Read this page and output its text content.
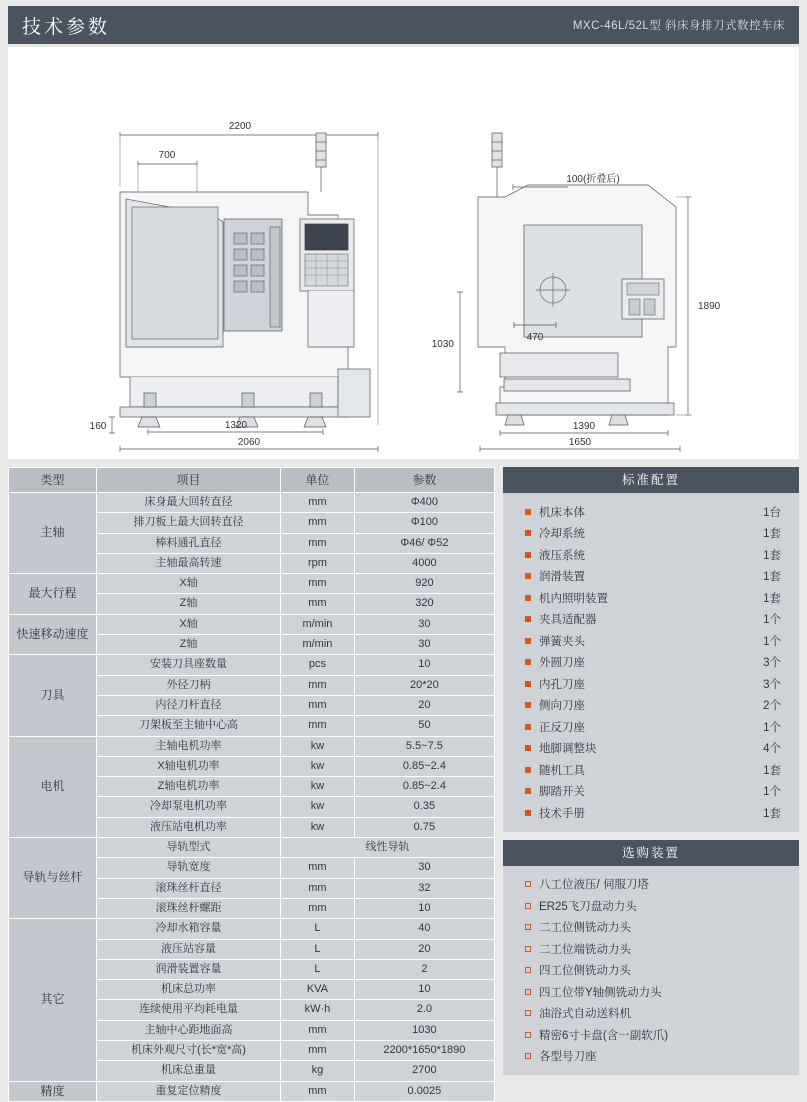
技术参数	MXC-46L/52L型 斜床身排刀式数控车床
2200
700
1320
2060
160
100(折叠后)
1890
1030
470
1390
1650
类型	项目	单位	参数
主轴	床身最大回转直径	mm	Φ400
	排刀板上最大回转直径	mm	Φ100
	棒料通孔直径	mm	Φ46/ Φ52
	主轴最高转速	rpm	4000
最大行程	X轴	mm	920
	Z轴	mm	320
快速移动速度	X轴	m/min	30
	Z轴	m/min	30
刀具	安装刀具座数量	pcs	10
	外径刀柄	mm	20*20
	内径刀杆直径	mm	20
	刀架板至主轴中心高	mm	50
电机	主轴电机功率	kw	5.5~7.5
	X轴电机功率	kw	0.85~2.4
	Z轴电机功率	kw	0.85~2.4
	冷却泵电机功率	kw	0.35
	液压站电机功率	kw	0.75
导轨与丝杆	导轨型式	线性导轨	
	导轨宽度	mm	30
	滚珠丝杆直径	mm	32
	滚珠丝杆螺距	mm	10
其它	冷却水箱容量	L	40
	液压站容量	L	20
	润滑装置容量	L	2
	机床总功率	KVA	10
	连续使用平均耗电量	kW·h	2.0
	主轴中心距地面高	mm	1030
	机床外观尺寸(长*宽*高)	mm	2200*1650*1890
	机床总重量	kg	2700
精度	重复定位精度	mm	0.0025
标准配置
机床本体	1台
冷却系统	1套
液压系统	1套
润滑装置	1套
机内照明装置	1套
夹具适配器	1个
弹簧夹头	1个
外圆刀座	3个
内孔刀座	3个
侧向刀座	2个
正反刀座	1个
地脚调整块	4个
随机工具	1套
脚踏开关	1个
技术手册	1套
选购装置
八工位液压/ 伺服刀塔
ER25飞刀盘动力头
二工位侧铣动力头
二工位端铣动力头
四工位侧铣动力头
四工位带Y轴侧铣动力头
油浴式自动送料机
精密6寸卡盘(含一副软爪)
各型号刀座
